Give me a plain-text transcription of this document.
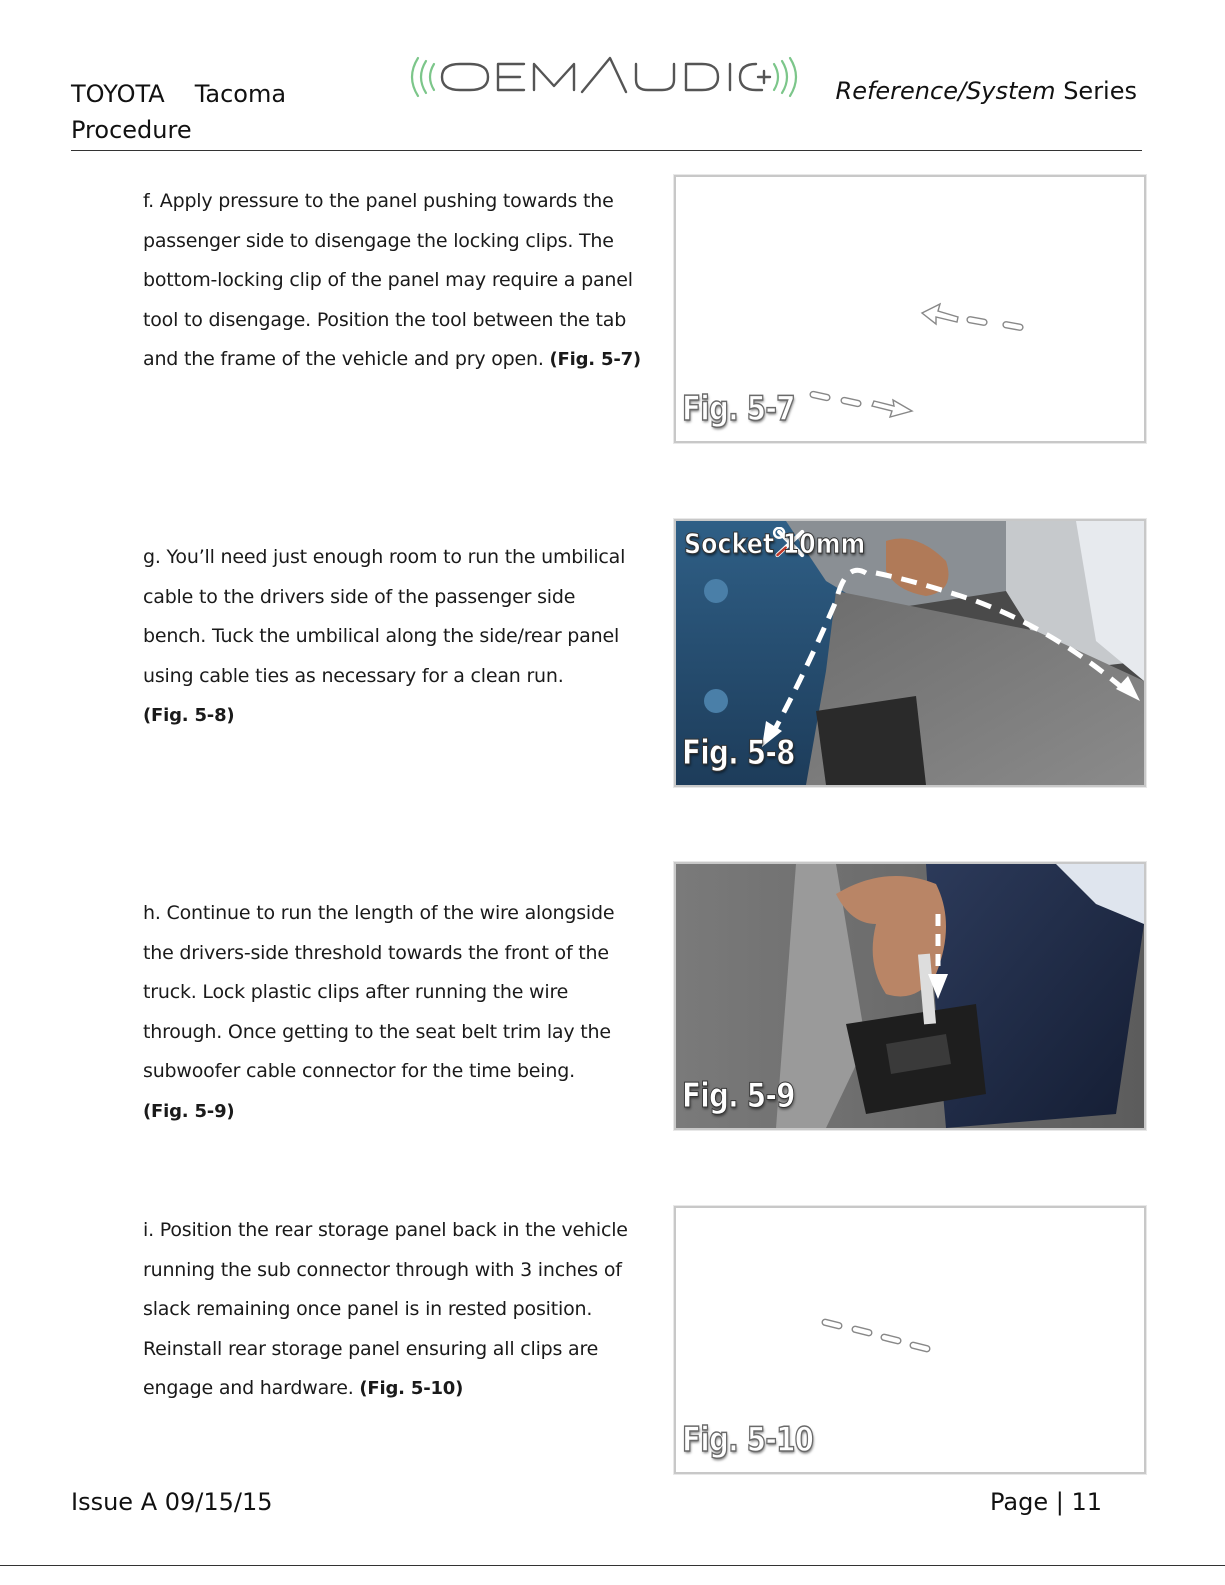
TOYOTA Tacoma
Procedure
Reference/System Series
f. Apply pressure to the panel pushing towards the passenger side to disengage the locking clips. The bottom-locking clip of the panel may require a panel tool to disengage. Position the tool between the tab and the frame of the vehicle and pry open. (Fig. 5-7)
Fig. 5-7
g. You’ll need just enough room to run the umbilical cable to the drivers side of the passenger side bench. Tuck the umbilical along the side/rear panel using cable ties as necessary for a clean run.
(Fig. 5-8)
Socket 10mm
Fig. 5-8
h. Continue to run the length of the wire alongside the drivers-side threshold towards the front of the truck. Lock plastic clips after running the wire through. Once getting to the seat belt trim lay the subwoofer cable connector for the time being.
(Fig. 5-9)	Fig. 5-9
i. Position the rear storage panel back in the vehicle running the sub connector through with 3 inches of slack remaining once panel is in rested position. Reinstall rear storage panel ensuring all clips are engage and hardware. (Fig. 5-10)
Fig. 5-10
Issue A 09/15/15	Page | 11
